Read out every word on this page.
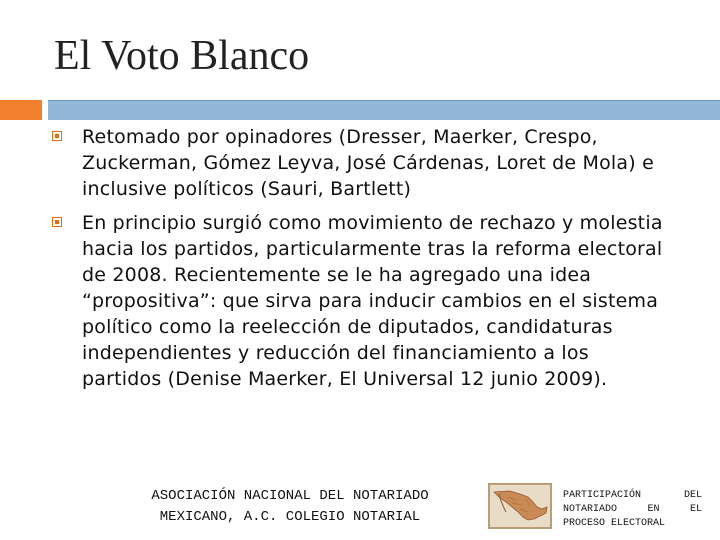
El Voto Blanco
Retomado por opinadores (Dresser, Maerker, Crespo, Zuckerman, Gómez Leyva, José Cárdenas, Loret de Mola) e inclusive políticos (Sauri, Bartlett)
En principio surgió como movimiento de rechazo y molestia hacia los partidos, particularmente tras la reforma electoral de 2008. Recientemente se le ha agregado una idea “propositiva”: que sirva para inducir cambios en el sistema político como la reelección de diputados, candidaturas independientes y reducción del financiamiento a los partidos (Denise Maerker, El Universal 12 junio 2009).
ASOCIACIÓN NACIONAL DEL NOTARIADO
MEXICANO, A.C. COLEGIO NOTARIAL
PARTICIPACIÓN DEL
NOTARIADO EN EL
PROCESO ELECTORAL
